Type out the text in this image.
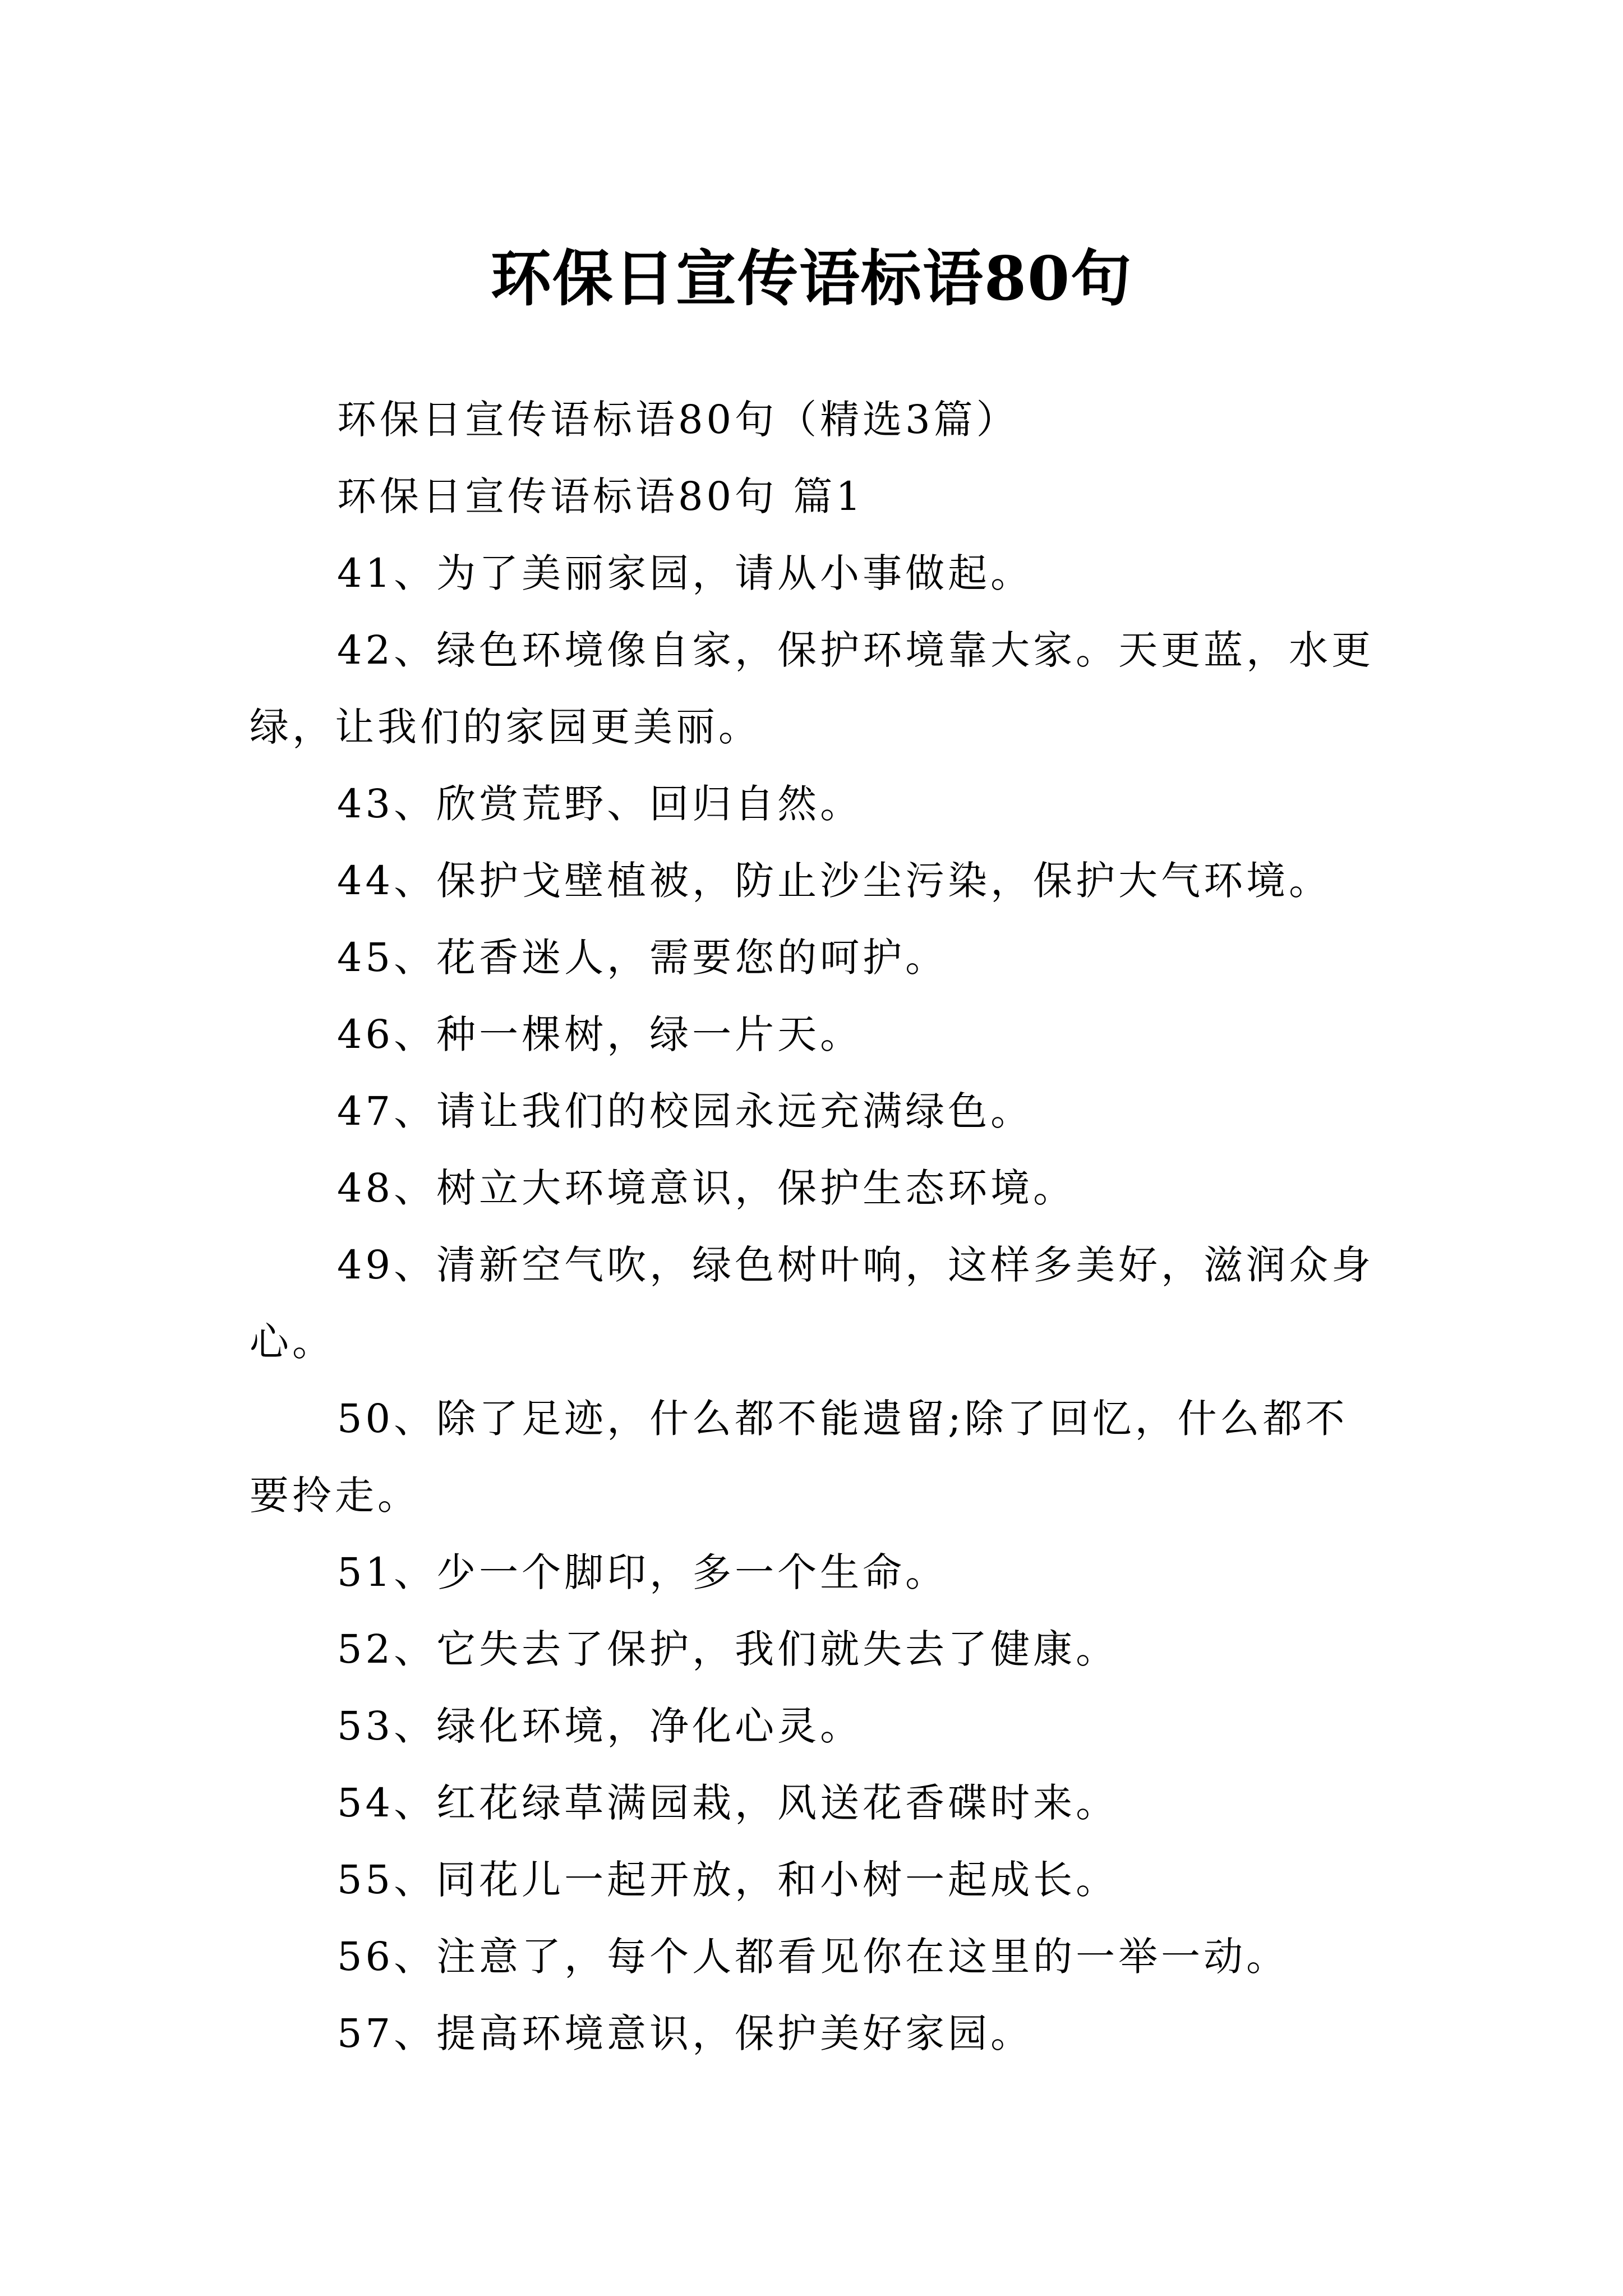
环保日宣传语标语80句

环保日宣传语标语80句（精选3篇）

环保日宣传语标语80句 篇1

41、为了美丽家园，请从小事做起。

42、绿色环境像自家，保护环境靠大家。天更蓝，水更绿，让我们的家园更美丽。

43、欣赏荒野、回归自然。

44、保护戈壁植被，防止沙尘污染，保护大气环境。

45、花香迷人，需要您的呵护。

46、种一棵树，绿一片天。

47、请让我们的校园永远充满绿色。

48、树立大环境意识，保护生态环境。

49、清新空气吹，绿色树叶响，这样多美好，滋润众身心。

50、除了足迹，什么都不能遗留;除了回忆，什么都不要拎走。

51、少一个脚印，多一个生命。

52、它失去了保护，我们就失去了健康。

53、绿化环境，净化心灵。

54、红花绿草满园栽，风送花香碟时来。

55、同花儿一起开放，和小树一起成长。

56、注意了，每个人都看见你在这里的一举一动。

57、提高环境意识，保护美好家园。
